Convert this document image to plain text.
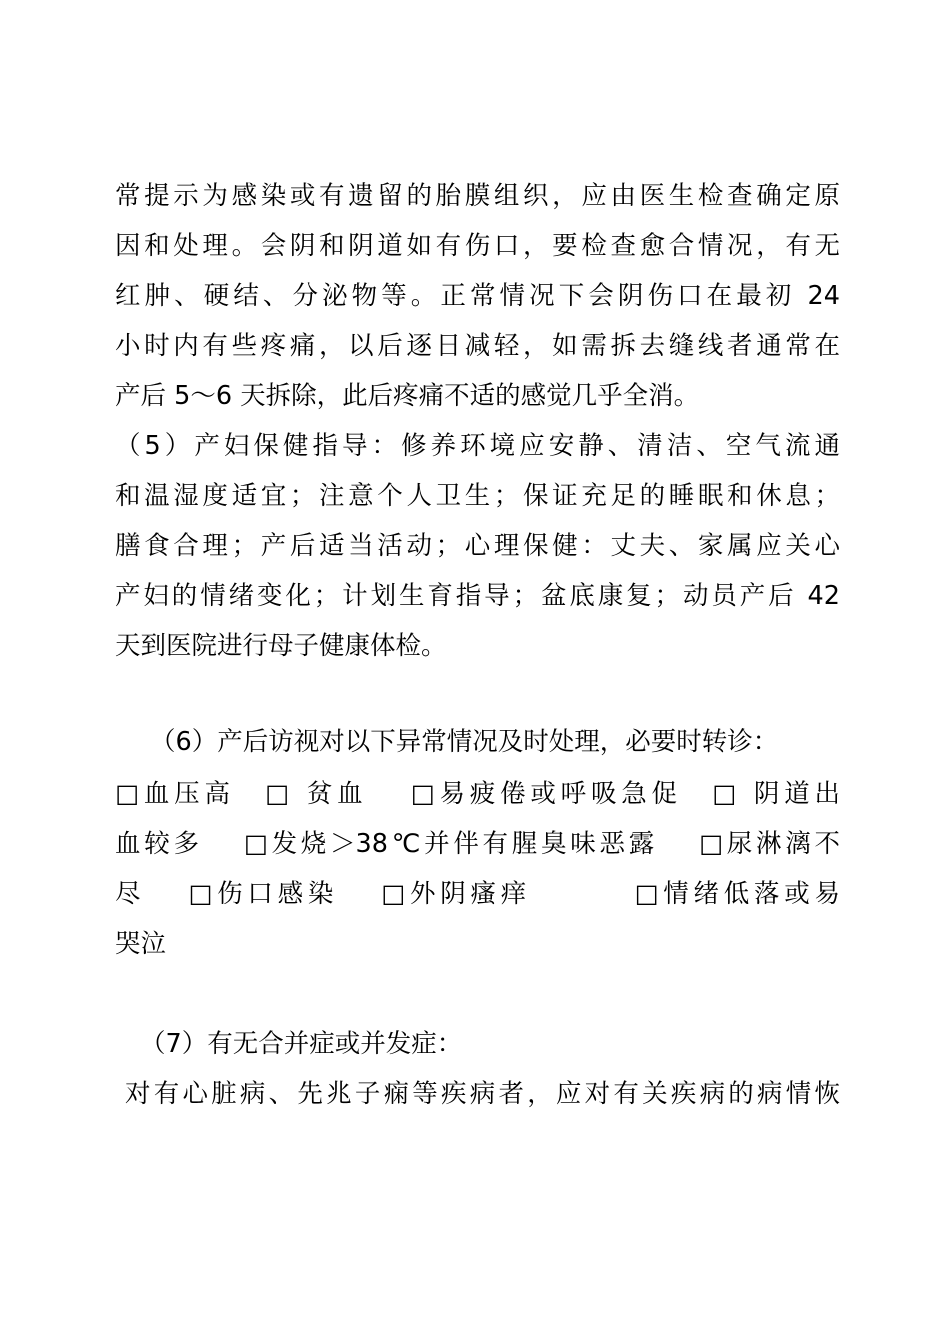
常提示为感染或有遗留的胎膜组织，应由医生检查确定原
因和处理。会阴和阴道如有伤口，要检查愈合情况，有无
红肿、硬结、分泌物等。正常情况下会阴伤口在最初 24
小时内有些疼痛，以后逐日减轻，如需拆去缝线者通常在
产后 5～6 天拆除，此后疼痛不适的感觉几乎全消。
（5）产妇保健指导：修养环境应安静、清洁、空气流通
和温湿度适宜；注意个人卫生；保证充足的睡眠和休息；
膳食合理；产后适当活动；心理保健：丈夫、家属应关心
产妇的情绪变化；计划生育指导；盆底康复；动员产后 42
天到医院进行母子健康体检。
（6）产后访视对以下异常情况及时处理，必要时转诊：
□血压高　□ 贫血　 □易疲倦或呼吸急促　□ 阴道出
血较多　 □发烧＞38℃并伴有腥臭味恶露　 □尿淋漓不
尽　 □伤口感染　 □外阴瘙痒　　 　□情绪低落或易
哭泣
（7）有无合并症或并发症：
对有心脏病、先兆子痫等疾病者，应对有关疾病的病情恢
